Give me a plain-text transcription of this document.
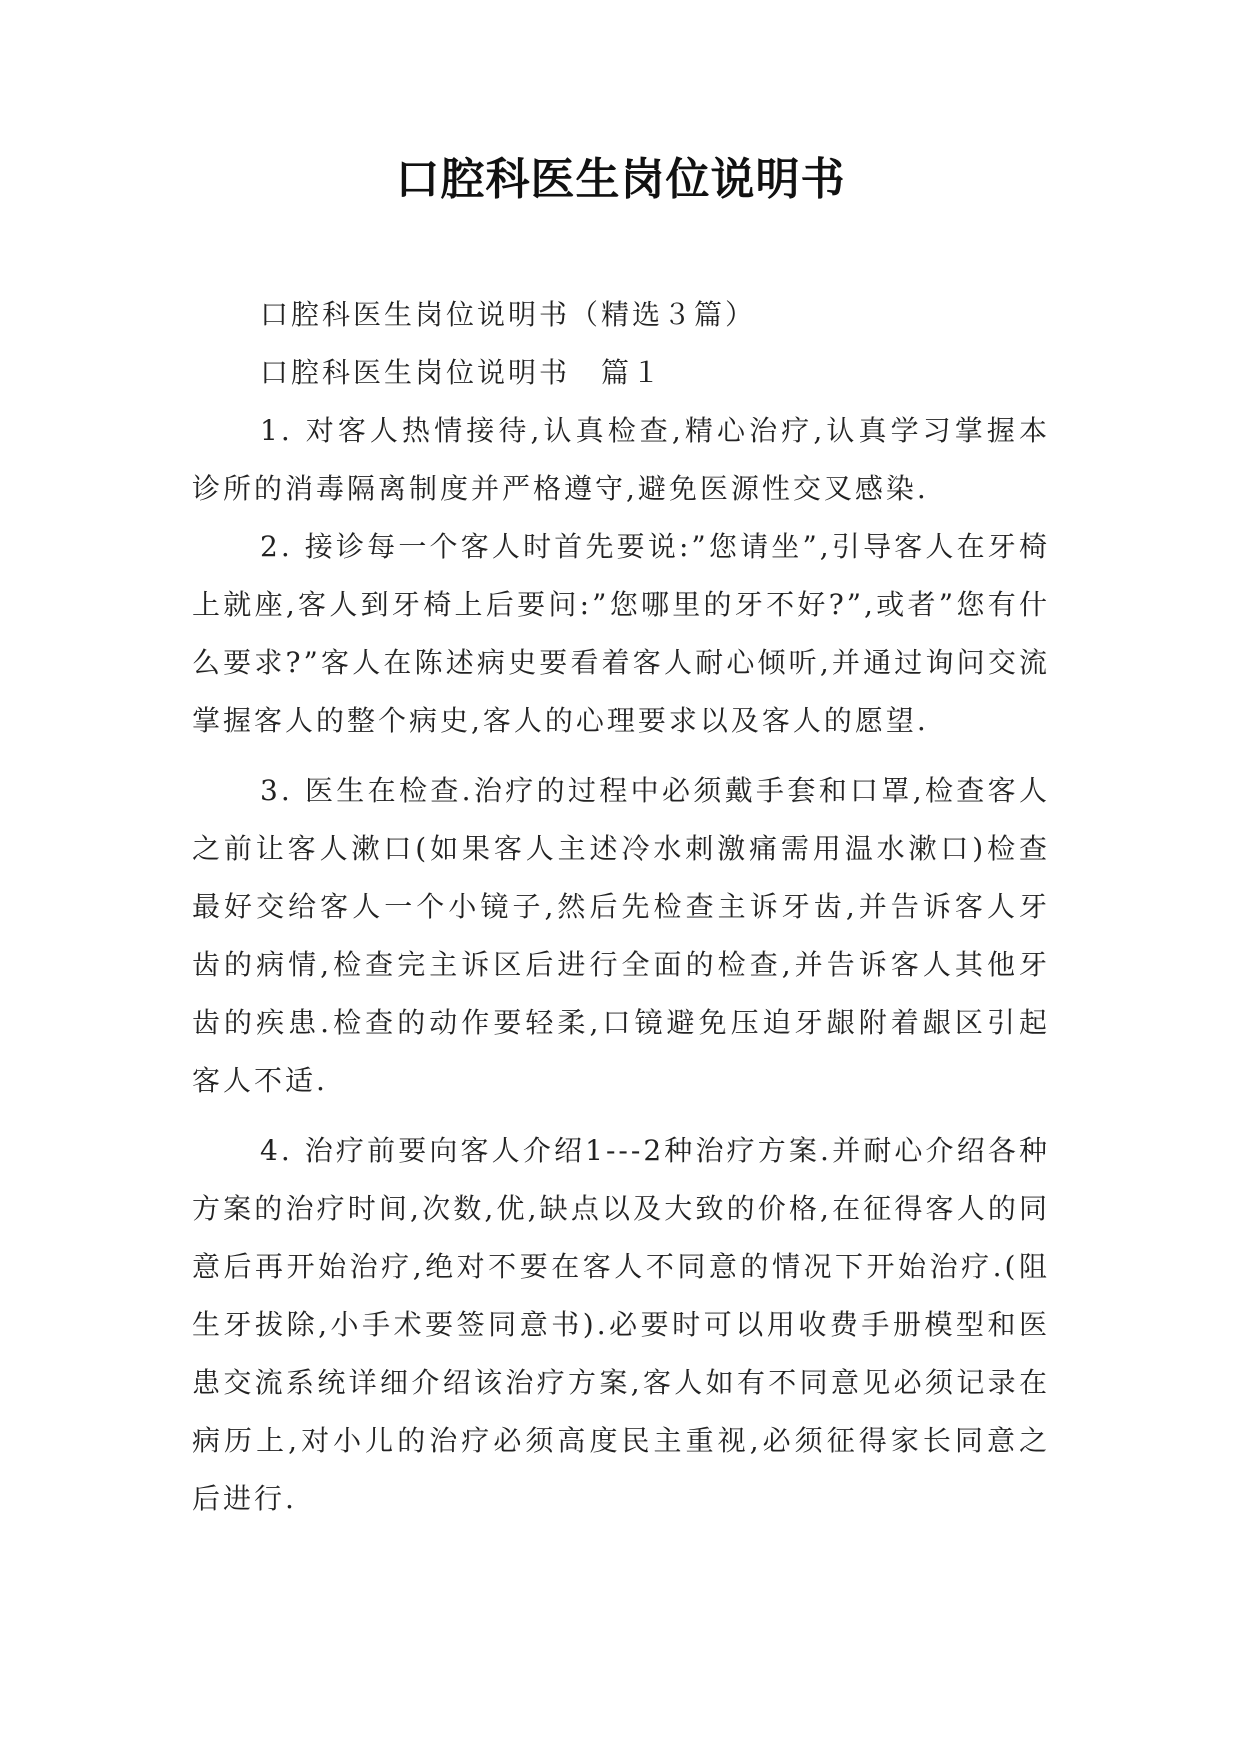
口腔科医生岗位说明书

口腔科医生岗位说明书（精选３篇）

口腔科医生岗位说明书　篇１

1. 对客人热情接待,认真检查,精心治疗,认真学习掌握本诊所的消毒隔离制度并严格遵守,避免医源性交叉感染.

2. 接诊每一个客人时首先要说:”您请坐”,引导客人在牙椅上就座,客人到牙椅上后要问:”您哪里的牙不好?”,或者”您有什么要求?”客人在陈述病史要看着客人耐心倾听,并通过询问交流掌握客人的整个病史,客人的心理要求以及客人的愿望.

3. 医生在检查.治疗的过程中必须戴手套和口罩,检查客人之前让客人漱口(如果客人主述冷水刺激痛需用温水漱口)检查最好交给客人一个小镜子,然后先检查主诉牙齿,并告诉客人牙齿的病情,检查完主诉区后进行全面的检查,并告诉客人其他牙齿的疾患.检查的动作要轻柔,口镜避免压迫牙龈附着龈区引起客人不适.

4. 治疗前要向客人介绍1---2种治疗方案.并耐心介绍各种方案的治疗时间,次数,优,缺点以及大致的价格,在征得客人的同意后再开始治疗,绝对不要在客人不同意的情况下开始治疗.(阻生牙拔除,小手术要签同意书).必要时可以用收费手册模型和医患交流系统详细介绍该治疗方案,客人如有不同意见必须记录在病历上,对小儿的治疗必须高度民主重视,必须征得家长同意之后进行.
